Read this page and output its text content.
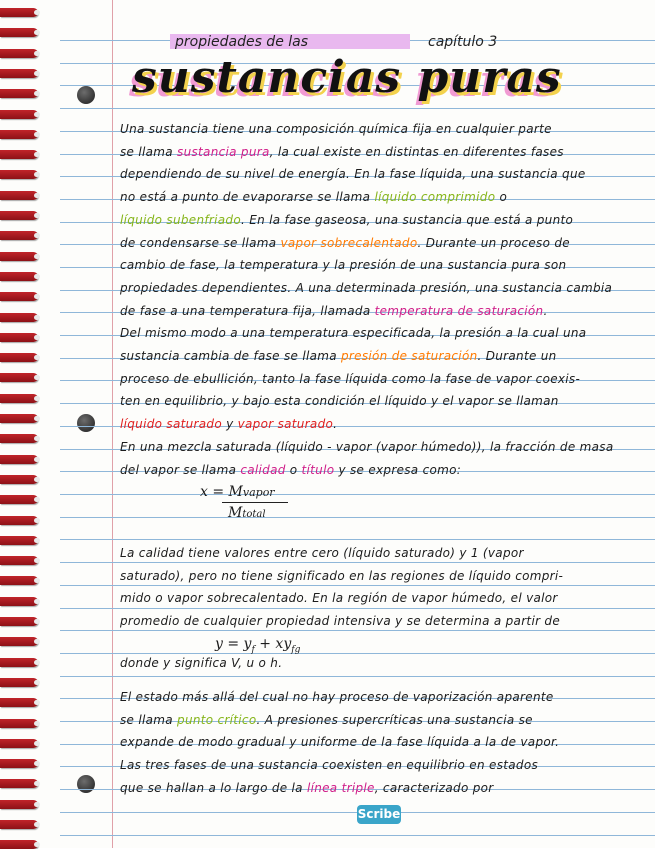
propiedades de las	capítulo 3
sustancias puras
Una sustancia tiene una composición química fija en cualquier parte
se llama sustancia pura, la cual existe en distintas en diferentes fases
dependiendo de su nivel de energía. En la fase líquida, una sustancia que
no está a punto de evaporarse se llama líquido comprimido o
líquido subenfriado. En la fase gaseosa, una sustancia que está a punto
de condensarse se llama vapor sobrecalentado. Durante un proceso de
cambio de fase, la temperatura y la presión de una sustancia pura son
propiedades dependientes. A una determinada presión, una sustancia cambia
de fase a una temperatura fija, llamada temperatura de saturación.
Del mismo modo a una temperatura especificada, la presión a la cual una
sustancia cambia de fase se llama presión de saturación. Durante un
proceso de ebullición, tanto la fase líquida como la fase de vapor coexis-
ten en equilibrio, y bajo esta condición el líquido y el vapor se llaman
líquido saturado y vapor saturado.
En una mezcla saturada (líquido - vapor (vapor húmedo)), la fracción de masa
del vapor se llama calidad o título y se expresa como:
La calidad tiene valores entre cero (líquido saturado) y 1 (vapor
saturado), pero no tiene significado en las regiones de líquido compri-
mido o vapor sobrecalentado. En la región de vapor húmedo, el valor
promedio de cualquier propiedad intensiva y se determina a partir de
donde y significa V, u o h.
El estado más allá del cual no hay proceso de vaporización aparente
se llama punto crítico. A presiones supercríticas una sustancia se
expande de modo gradual y uniforme de la fase líquida a la de vapor.
Las tres fases de una sustancia coexisten en equilibrio en estados
que se hallan a lo largo de la línea triple, caracterizado por
x = Mvapor
Mtotal
$y = y_f + xy_{fg}$
Scribe
